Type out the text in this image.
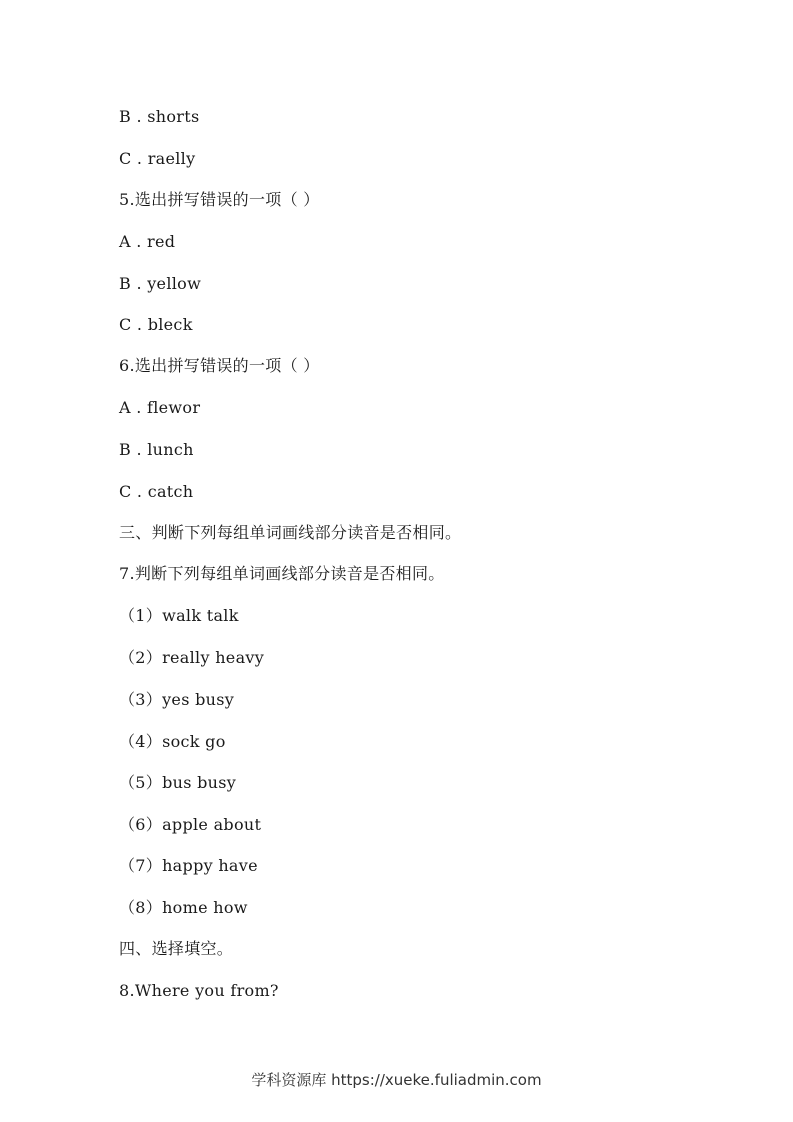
B . shorts
C . raelly
5.选出拼写错误的一项（ ）
A . red
B . yellow
C . bleck
6.选出拼写错误的一项（ ）
A . flewor
B . lunch
C . catch
三、判断下列每组单词画线部分读音是否相同。
7.判断下列每组单词画线部分读音是否相同。
（1）walk talk
（2）really heavy
（3）yes busy
（4）sock go
（5）bus busy
（6）apple about
（7）happy have
（8）home how
四、选择填空。
8.Where you from?
学科资源库 https://xueke.fuliadmin.com
